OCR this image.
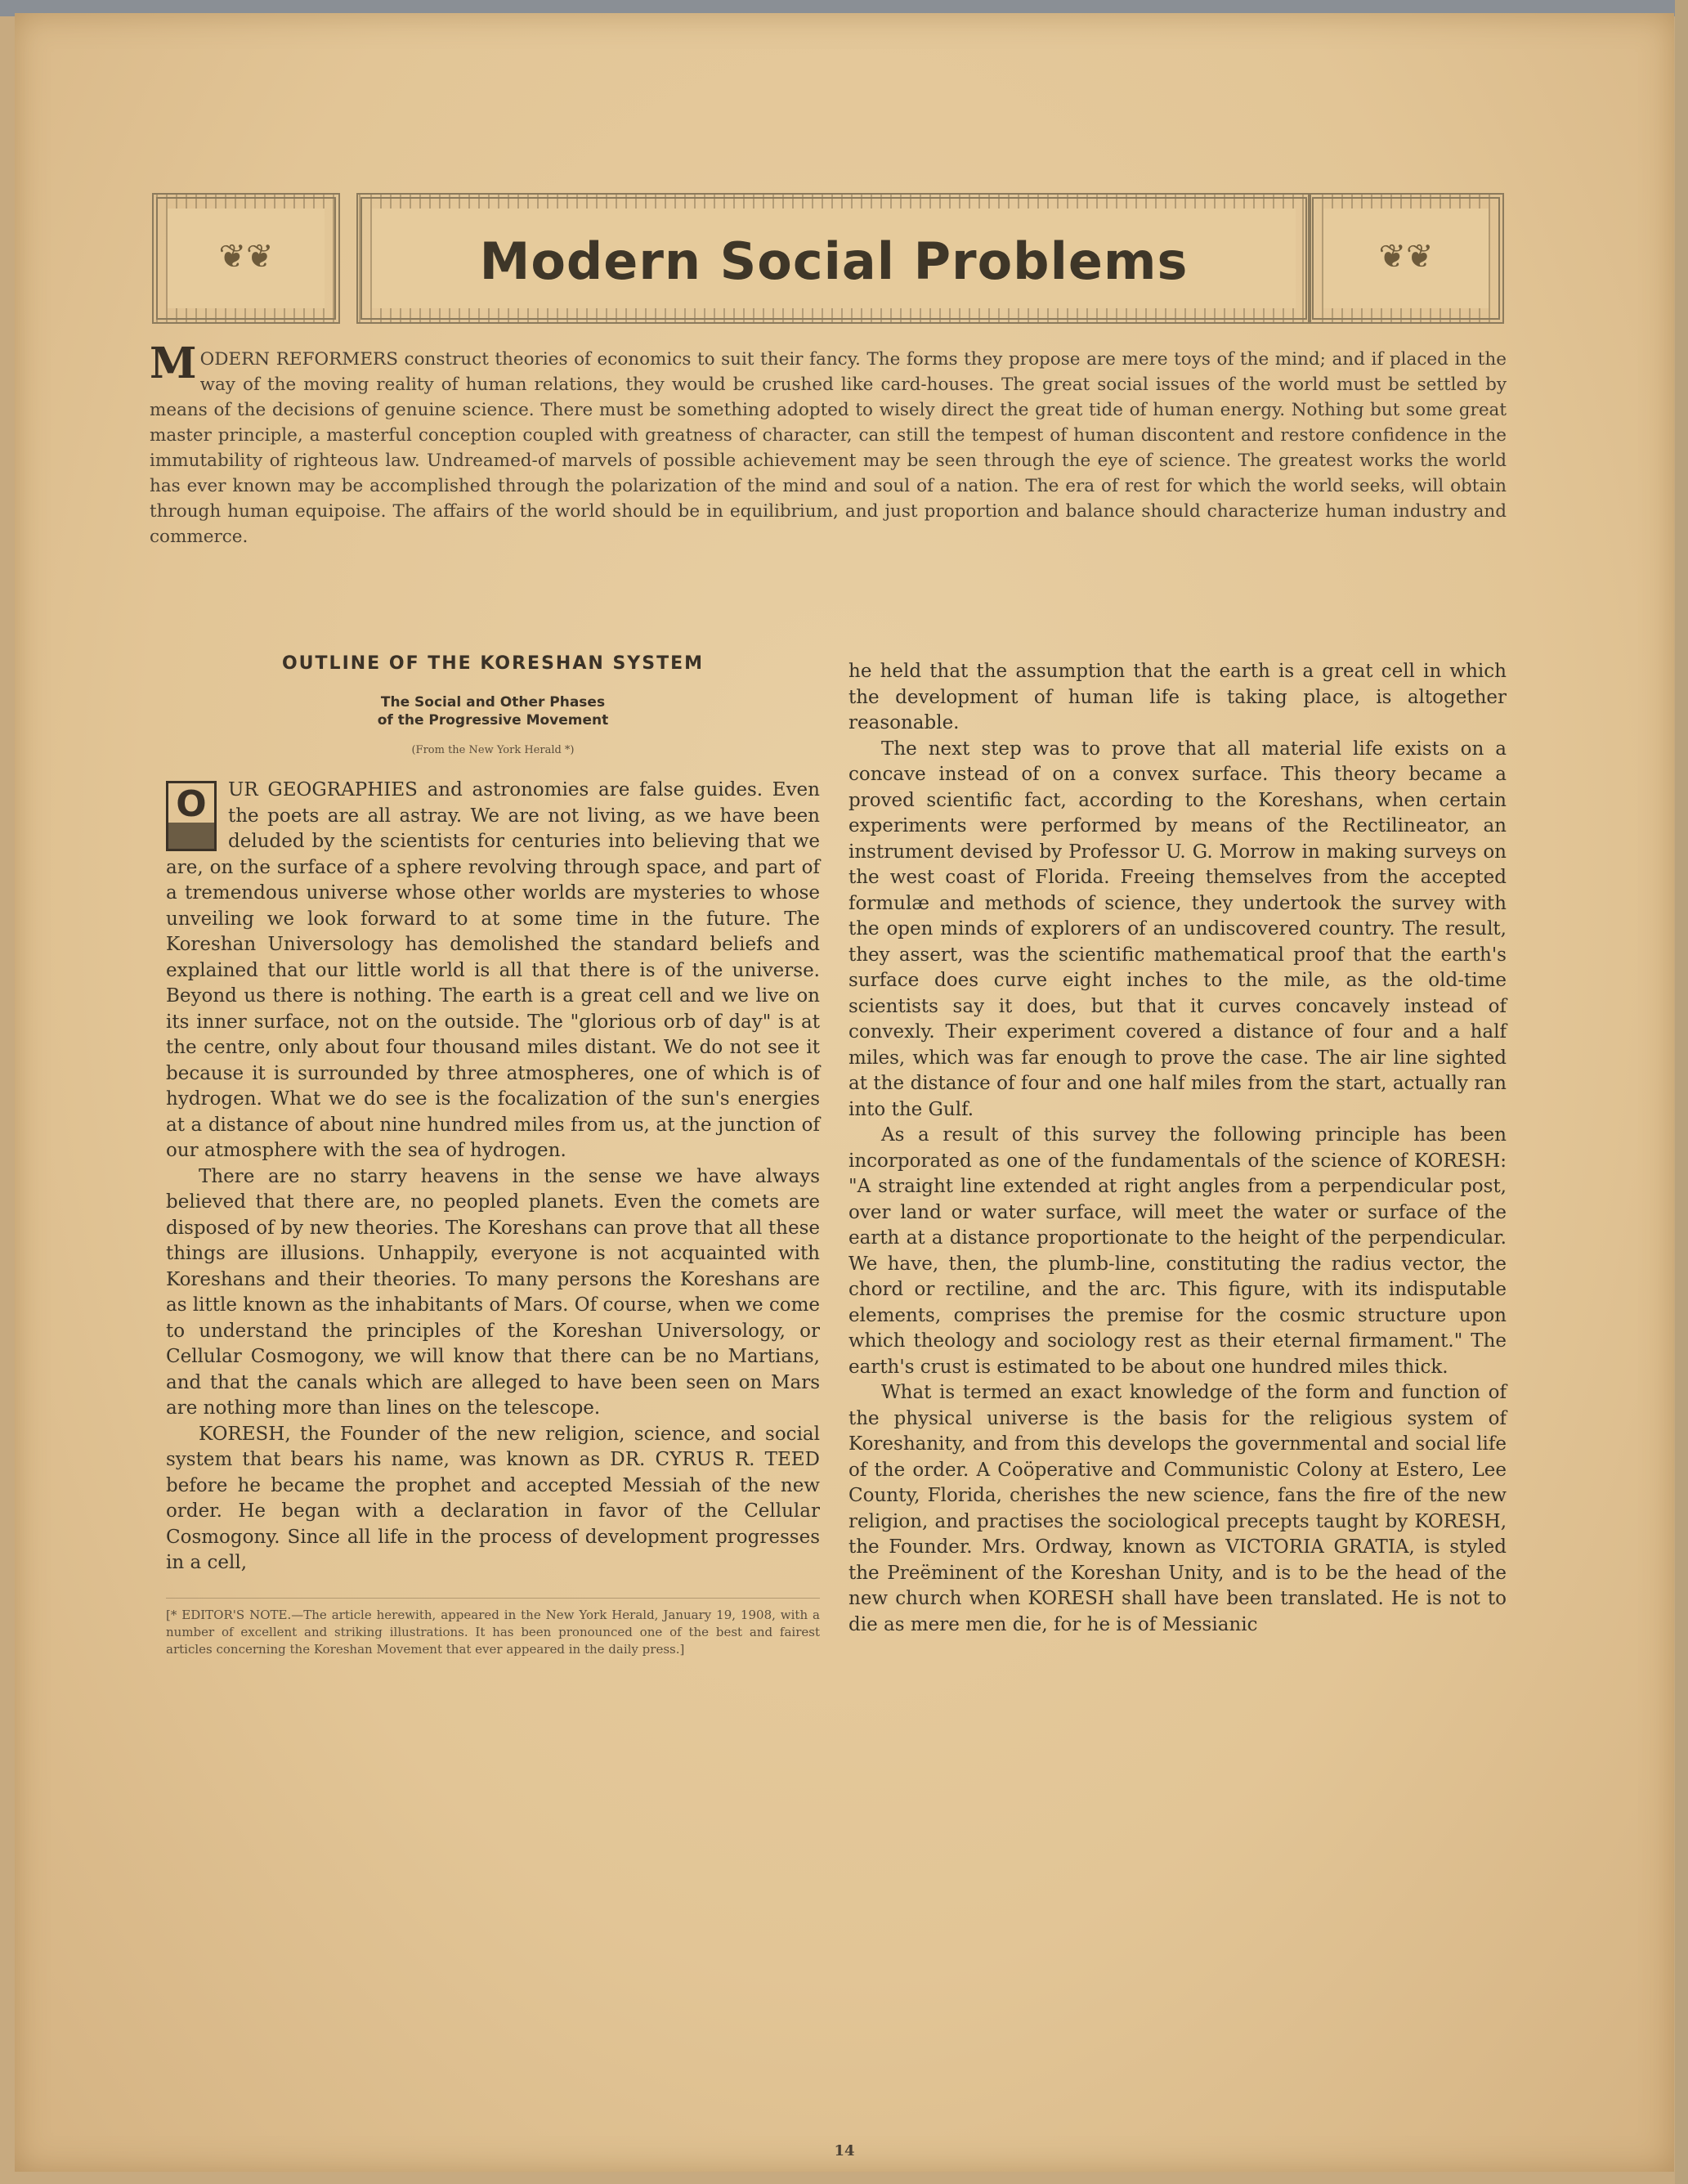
❦❦	Modern Social Problems	❦❦
MODERN REFORMERS construct theories of economics to suit their fancy. The forms they propose are mere toys of the mind; and if placed in the way of the moving reality of human relations, they would be crushed like card-houses. The great social issues of the world must be settled by means of the decisions of genuine science. There must be something adopted to wisely direct the great tide of human energy. Nothing but some great master principle, a masterful conception coupled with greatness of character, can still the tempest of human discontent and restore confidence in the immutability of righteous law. Undreamed-of marvels of possible achievement may be seen through the eye of science. The greatest works the world has ever known may be accomplished through the polarization of the mind and soul of a nation. The era of rest for which the world seeks, will obtain through human equipoise. The affairs of the world should be in equilibrium, and just proportion and balance should characterize human industry and commerce.
OUTLINE OF THE KORESHAN SYSTEM
The Social and Other Phases
of the Progressive Movement
(From the New York Herald *)

O	UR GEOGRAPHIES and astronomies are false guides. Even the poets are all astray. We are not living, as we have been deluded by the scientists for centuries into believing that we are, on the surface of a sphere revolving through space, and part of a tremendous universe whose other worlds are mysteries to whose unveiling we look forward to at some time in the future. The Koreshan Universology has demolished the standard beliefs and explained that our little world is all that there is of the universe. Beyond us there is nothing. The earth is a great cell and we live on its inner surface, not on the outside. The "glorious orb of day" is at the centre, only about four thousand miles distant. We do not see it because it is surrounded by three atmospheres, one of which is of hydrogen. What we do see is the focalization of the sun's energies at a distance of about nine hundred miles from us, at the junction of our atmosphere with the sea of hydrogen.

There are no starry heavens in the sense we have always believed that there are, no peopled planets. Even the comets are disposed of by new theories. The Koreshans can prove that all these things are illusions. Unhappily, everyone is not acquainted with Koreshans and their theories. To many persons the Koreshans are as little known as the inhabitants of Mars. Of course, when we come to understand the principles of the Koreshan Universology, or Cellular Cosmogony, we will know that there can be no Martians, and that the canals which are alleged to have been seen on Mars are nothing more than lines on the telescope.

KORESH, the Founder of the new religion, science, and social system that bears his name, was known as DR. CYRUS R. TEED before he became the prophet and accepted Messiah of the new order. He began with a declaration in favor of the Cellular Cosmogony. Since all life in the process of development progresses in a cell,

[* EDITOR'S NOTE.—The article herewith, appeared in the New York Herald, January 19, 1908, with a number of excellent and striking illustrations. It has been pronounced one of the best and fairest articles concerning the Koreshan Movement that ever appeared in the daily press.]

he held that the assumption that the earth is a great cell in which the development of human life is taking place, is altogether reasonable.

The next step was to prove that all material life exists on a concave instead of on a convex surface. This theory became a proved scientific fact, according to the Koreshans, when certain experiments were performed by means of the Rectilineator, an instrument devised by Professor U. G. Morrow in making surveys on the west coast of Florida. Freeing themselves from the accepted formulæ and methods of science, they undertook the survey with the open minds of explorers of an undiscovered country. The result, they assert, was the scientific mathematical proof that the earth's surface does curve eight inches to the mile, as the old-time scientists say it does, but that it curves concavely instead of convexly. Their experiment covered a distance of four and a half miles, which was far enough to prove the case. The air line sighted at the distance of four and one half miles from the start, actually ran into the Gulf.

As a result of this survey the following principle has been incorporated as one of the fundamentals of the science of KORESH: "A straight line extended at right angles from a perpendicular post, over land or water surface, will meet the water or surface of the earth at a distance proportionate to the height of the perpendicular. We have, then, the plumb-line, constituting the radius vector, the chord or rectiline, and the arc. This figure, with its indisputable elements, comprises the premise for the cosmic structure upon which theology and sociology rest as their eternal firmament." The earth's crust is estimated to be about one hundred miles thick.

What is termed an exact knowledge of the form and function of the physical universe is the basis for the religious system of Koreshanity, and from this develops the governmental and social life of the order. A Coöperative and Communistic Colony at Estero, Lee County, Florida, cherishes the new science, fans the fire of the new religion, and practises the sociological precepts taught by KORESH, the Founder. Mrs. Ordway, known as VICTORIA GRATIA, is styled the Preëminent of the Koreshan Unity, and is to be the head of the new church when KORESH shall have been translated. He is not to die as mere men die, for he is of Messianic

14
